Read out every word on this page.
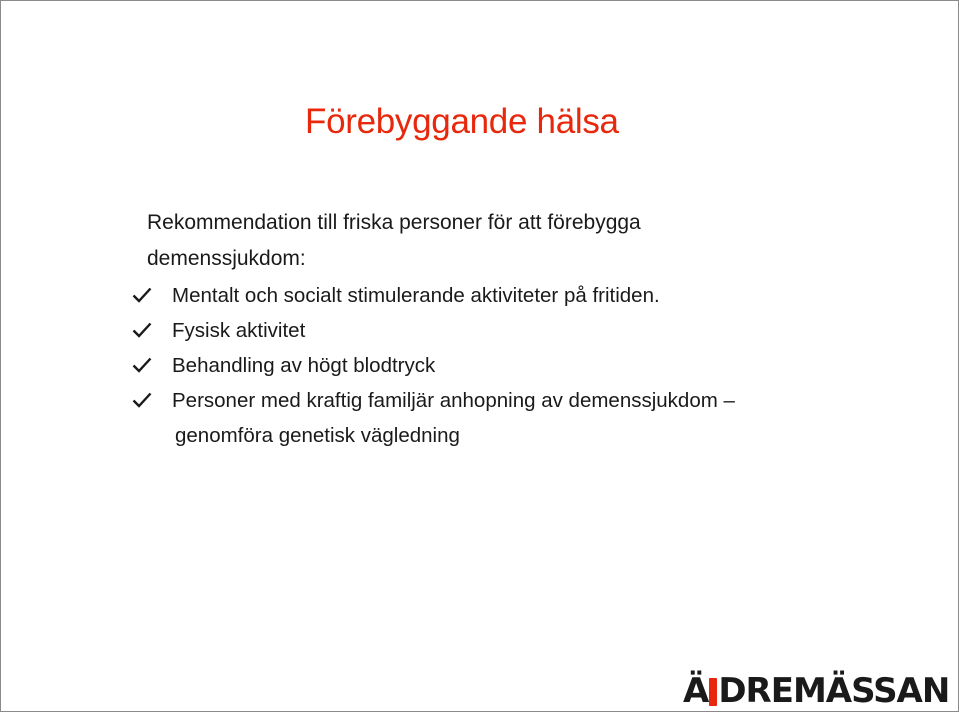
Förebyggande hälsa
Rekommendation till friska personer för att förebygga
demenssjukdom:
Mentalt och socialt stimulerande aktiviteter på fritiden.
Fysisk aktivitet
Behandling av högt blodtryck
Personer med kraftig familjär anhopning av demenssjukdom –
genomföra genetisk vägledning
Ä DREMÄSSAN
